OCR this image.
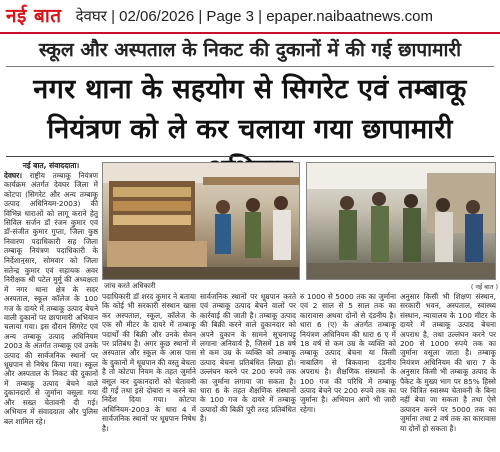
नई बात देवघर | 02/06/2026 | Page 3 | epaper.naibaatnews.com
स्कूल और अस्पताल के निकट की दुकानों में की गई छापामारी
नगर थाना के सहयोग से सिगरेट एवं तम्बाकू
नियंत्रण को ले कर चलाया गया छापामारी
नई बात, संवाददाता।
देवघर। राष्ट्रीय तम्बाकू नियंत्रण कार्यक्रम अंतर्गत देवघर जिला में कोटपा (सिगरेट और अन्य तम्बाकू उत्पाद अधिनियम-2003) की विभिन्न धाराओं को लागू कराने हेतु सिविल सर्जन डॉ रंजन कुमार एवं डॉ-संजीत कुमार गुप्ता, जिला कुष्ठ निवारण पदाधिकारी सह जिला तम्बाकू नियंत्रण पदाधिकारी के निर्देशानुसार, सोमवार को जिला
जांच करते अधिकारी	( नई बात )
सतेन्द्र कुमार एवं सहायक अवर निरीक्षक श्री पटेल मुर्मू की अध्यक्षता में नगर थाना क्षेत्र के सदर अस्पताल, स्कूल कॉलेज के 100 गज के दायरे में तम्बाकू उत्पाद बेचने वाली दुकानों पर छापामारी अभियान चलाया गया। इस दौरान सिगरेट एवं अन्य तम्बाकू उत्पाद अधिनियम 2003 के अंतर्गत तम्बाकू एवं उनके उत्पाद की सार्वजनिक स्थानों पर धूम्रपान से निषेध किया गया। स्कूल और अस्पताल के निकट की दुकानों में तम्बाकू उत्पाद बेचने वाले दुकानदारों से जुर्माना वसूला गया और सख्त चेतावनी दी गई। अभियान में संवाददाता और पुलिस बल शामिल रहे।
पदाधिकारी डॉ शरद कुमार ने बताया कि कोई भी सरकारी संस्थान खास कर अस्पताल, स्कूल, कॉलेज के एक सौ मीटर के दायरे में तम्बाकू पदार्थों की बिक्री और उनके सेवन पर प्रतिबंध है। अगर कुछ स्थानों में अस्पताल और स्कूल के आस पास के दुकानों में धूम्रपान की वस्तु बेचता है तो कोटपा नियम के तहत जुर्माने वसूल कर दुकानदारों को चेतावनी दी गई तथा इसे दोबारा न करने का निर्देश दिया गया। कोटपा अधिनियम-2003 के धारा 4 में सार्वजनिक स्थानों पर धूम्रपान निषेध है।
सार्वजनिक स्थानों पर धूम्रपान करते एवं तम्बाकू उत्पाद बेचने वालों पर कार्रवाई की जाती है। तम्बाकू उत्पाद की बिक्री करने वाले दुकानदार को अपने दुकान के सामने सूचनापट्ट लगाना अनिवार्य है, जिसमें 18 वर्ष से कम उम्र के व्यक्ति को तम्बाकू उत्पाद बेचना प्रतिबंधित लिखा हो। उल्लंघन करने पर 200 रुपये तक का जुर्माना लगाया जा सकता है। धारा 6 के तहत शैक्षणिक संस्थानों के 100 गज के दायरे में तम्बाकू उत्पादों की बिक्री पूरी तरह प्रतिबंधित है।
रु 1000 से 5000 तक का जुर्माना एवं 2 साल से 5 साल तक का कारावास अथवा दोनों से दंडनीय है। धारा 6 (ए) के अंतर्गत तम्बाकू नियंत्रण अधिनियम की धारा 6 ए में 18 वर्ष से कम उम्र के व्यक्ति को तम्बाकू उत्पाद बेचना या किसी नाबालिग से बिकवाना दंडनीय अपराध है। शैक्षणिक संस्थानों के 100 गज की परिधि में तम्बाकू उत्पाद बेचने पर 200 रुपये तक का जुर्माना है। अभियान आगे भी जारी रहेगा।
अनुसार किसी भी शिक्षण संस्थान, सरकारी भवन, अस्पताल, स्वास्थ्य संस्थान, न्यायालय के 100 मीटर के दायरे में तम्बाकू उत्पाद बेचना अपराध है, तथा उल्लंघन करने पर 200 से 1000 रुपये तक का जुर्माना वसूला जाता है। तम्बाकू नियंत्रण अधिनियम की धारा 7 के अनुसार किसी भी तम्बाकू उत्पाद के पैकेट के मुख्य भाग पर 85% हिस्से पर चित्रित स्वास्थ्य चेतावनी के बिना नहीं बेचा जा सकता है तथा ऐसे उत्पादन करने पर 5000 तक का जुर्माना तथा 2 वर्ष तक का कारावास या दोनों हो सकता है।
